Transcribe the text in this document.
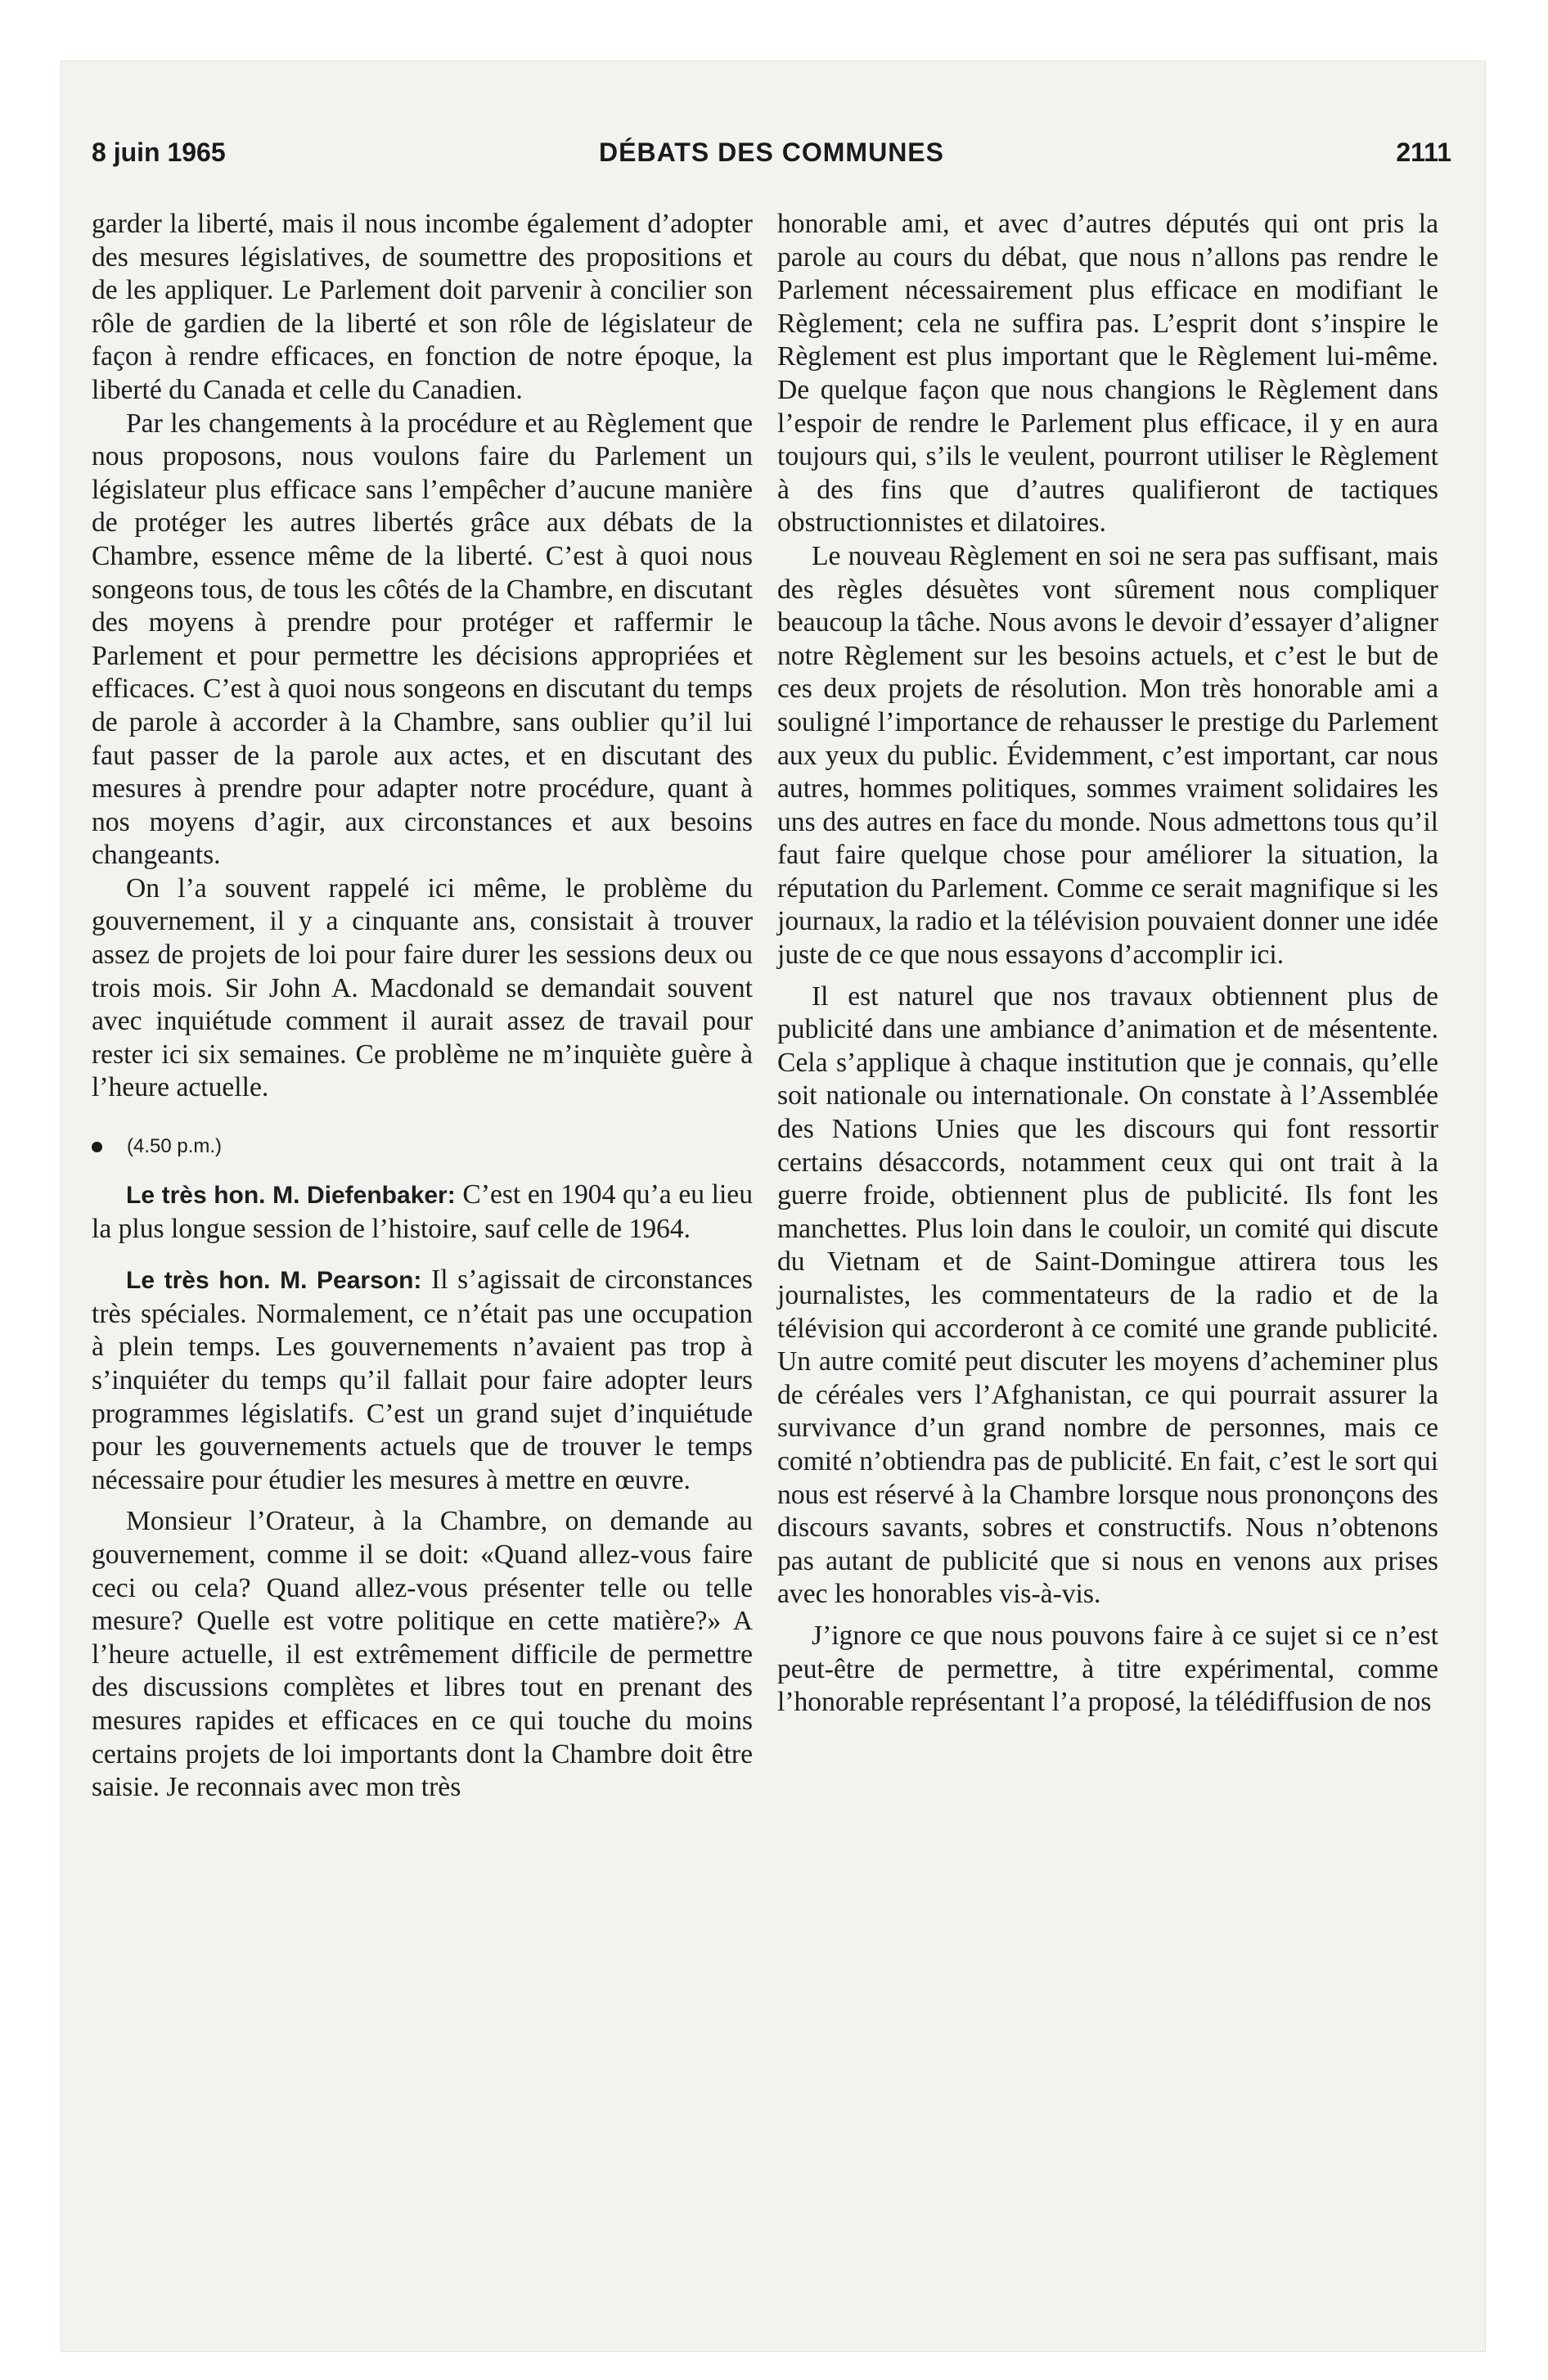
8 juin 1965	DÉBATS DES COMMUNES	2111

garder la liberté, mais il nous incombe également d’adopter des mesures législatives, de soumettre des propositions et de les appliquer. Le Parlement doit parvenir à concilier son rôle de gardien de la liberté et son rôle de législateur de façon à rendre efficaces, en fonction de notre époque, la liberté du Canada et celle du Canadien.

Par les changements à la procédure et au Règlement que nous proposons, nous voulons faire du Parlement un législateur plus efficace sans l’empêcher d’aucune manière de protéger les autres libertés grâce aux débats de la Chambre, essence même de la liberté. C’est à quoi nous songeons tous, de tous les côtés de la Chambre, en discutant des moyens à prendre pour protéger et raffermir le Parlement et pour permettre les décisions appropriées et efficaces. C’est à quoi nous songeons en discutant du temps de parole à accorder à la Chambre, sans oublier qu’il lui faut passer de la parole aux actes, et en discutant des mesures à prendre pour adapter notre procédure, quant à nos moyens d’agir, aux circonstances et aux besoins changeants.

On l’a souvent rappelé ici même, le problème du gouvernement, il y a cinquante ans, consistait à trouver assez de projets de loi pour faire durer les sessions deux ou trois mois. Sir John A. Macdonald se demandait souvent avec inquiétude comment il aurait assez de travail pour rester ici six semaines. Ce problème ne m’inquiète guère à l’heure actuelle.

(4.50 p.m.)

Le très hon. M. Diefenbaker: C’est en 1904 qu’a eu lieu la plus longue session de l’histoire, sauf celle de 1964.

Le très hon. M. Pearson: Il s’agissait de circonstances très spéciales. Normalement, ce n’était pas une occupation à plein temps. Les gouvernements n’avaient pas trop à s’inquiéter du temps qu’il fallait pour faire adopter leurs programmes législatifs. C’est un grand sujet d’inquiétude pour les gouvernements actuels que de trouver le temps nécessaire pour étudier les mesures à mettre en œuvre.

Monsieur l’Orateur, à la Chambre, on demande au gouvernement, comme il se doit: «Quand allez-vous faire ceci ou cela? Quand allez-vous présenter telle ou telle mesure? Quelle est votre politique en cette matière?» A l’heure actuelle, il est extrêmement difficile de permettre des discussions complètes et libres tout en prenant des mesures rapides et efficaces en ce qui touche du moins certains projets de loi importants dont la Chambre doit être saisie. Je reconnais avec mon très

honorable ami, et avec d’autres députés qui ont pris la parole au cours du débat, que nous n’allons pas rendre le Parlement nécessairement plus efficace en modifiant le Règlement; cela ne suffira pas. L’esprit dont s’inspire le Règlement est plus important que le Règlement lui-même. De quelque façon que nous changions le Règlement dans l’espoir de rendre le Parlement plus efficace, il y en aura toujours qui, s’ils le veulent, pourront utiliser le Règlement à des fins que d’autres qualifieront de tactiques obstructionnistes et dilatoires.

Le nouveau Règlement en soi ne sera pas suffisant, mais des règles désuètes vont sûrement nous compliquer beaucoup la tâche. Nous avons le devoir d’essayer d’aligner notre Règlement sur les besoins actuels, et c’est le but de ces deux projets de résolution. Mon très honorable ami a souligné l’importance de rehausser le prestige du Parlement aux yeux du public. Évidemment, c’est important, car nous autres, hommes politiques, sommes vraiment solidaires les uns des autres en face du monde. Nous admettons tous qu’il faut faire quelque chose pour améliorer la situation, la réputation du Parlement. Comme ce serait magnifique si les journaux, la radio et la télévision pouvaient donner une idée juste de ce que nous essayons d’accomplir ici.

Il est naturel que nos travaux obtiennent plus de publicité dans une ambiance d’animation et de mésentente. Cela s’applique à chaque institution que je connais, qu’elle soit nationale ou internationale. On constate à l’Assemblée des Nations Unies que les discours qui font ressortir certains désaccords, notamment ceux qui ont trait à la guerre froide, obtiennent plus de publicité. Ils font les manchettes. Plus loin dans le couloir, un comité qui discute du Vietnam et de Saint-Domingue attirera tous les journalistes, les commentateurs de la radio et de la télévision qui accorderont à ce comité une grande publicité. Un autre comité peut discuter les moyens d’acheminer plus de céréales vers l’Afghanistan, ce qui pourrait assurer la survivance d’un grand nombre de personnes, mais ce comité n’obtiendra pas de publicité. En fait, c’est le sort qui nous est réservé à la Chambre lorsque nous prononçons des discours savants, sobres et constructifs. Nous n’obtenons pas autant de publicité que si nous en venons aux prises avec les honorables vis-à-vis.

J’ignore ce que nous pouvons faire à ce sujet si ce n’est peut-être de permettre, à titre expérimental, comme l’honorable représentant l’a proposé, la télédiffusion de nos
